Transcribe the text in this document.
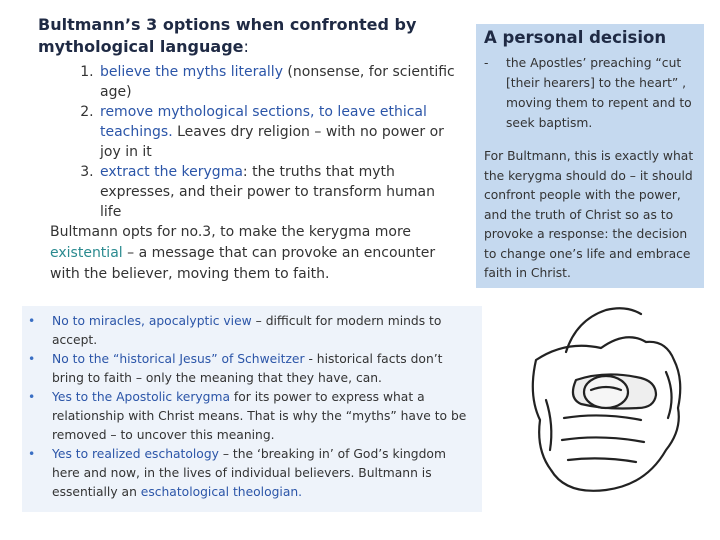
Bultmann’s 3 options when confronted by mythological language:
1. believe the myths literally (nonsense, for scientific age)
2. remove mythological sections, to leave ethical teachings. Leaves dry religion – with no power or joy in it
3. extract the kerygma: the truths that myth expresses, and their power to transform human life

Bultmann opts for no.3, to make the kerygma more existential – a message that can provoke an encounter with the believer, moving them to faith.

• No to miracles, apocalyptic view – difficult for modern minds to accept.
• No to the “historical Jesus” of Schweitzer - historical facts don’t bring to faith – only the meaning that they have, can.
• Yes to the Apostolic kerygma for its power to express what a relationship with Christ means. That is why the “myths” have to be removed – to uncover this meaning.
• Yes to realized eschatology – the ‘breaking in’ of God’s kingdom here and now, in the lives of individual believers. Bultmann is essentially an eschatological theologian.
A personal decision
-	the Apostles’ preaching “cut [their hearers] to the heart” , moving them to repent and to seek baptism.
For Bultmann, this is exactly what the kerygma should do – it should confront people with the power, and the truth of Christ so as to provoke a response: the decision to change one’s life and embrace faith in Christ.
